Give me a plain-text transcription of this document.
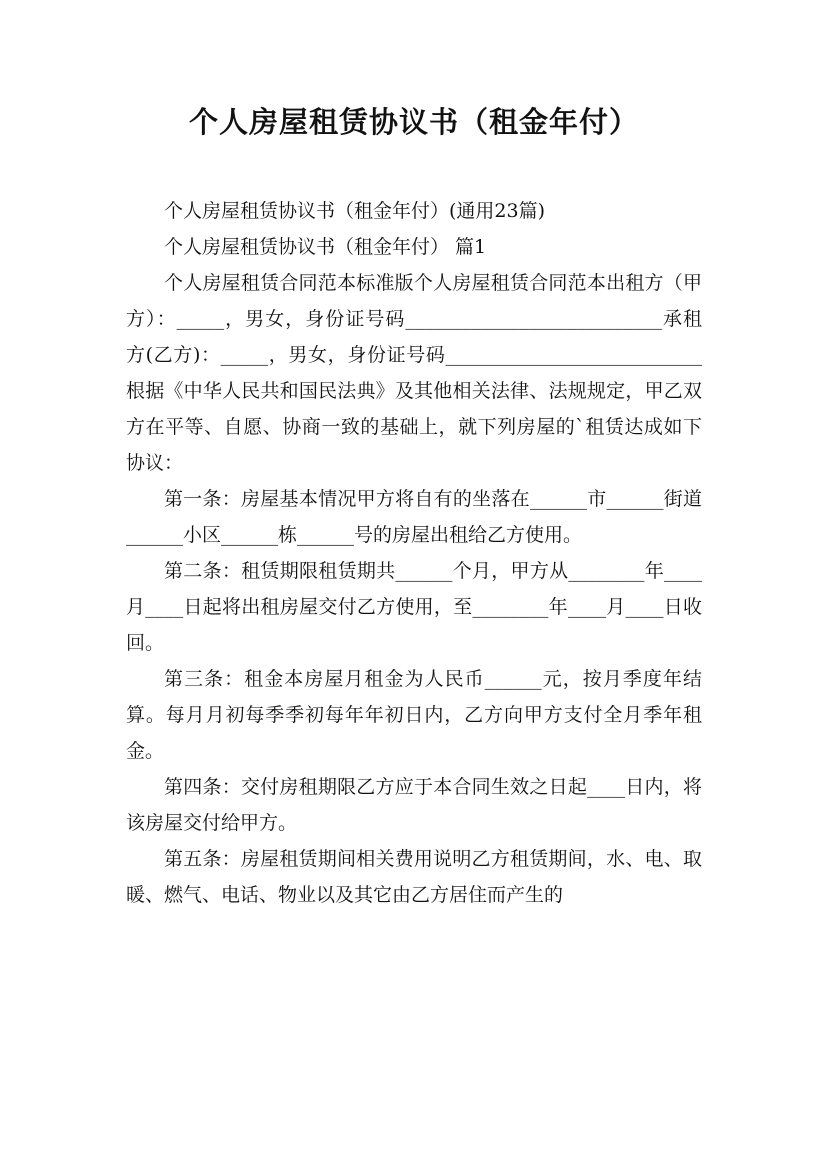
个人房屋租赁协议书（租金年付）

个人房屋租赁协议书（租金年付）(通用23篇)

个人房屋租赁协议书（租金年付） 篇1

个人房屋租赁合同范本标准版个人房屋租赁合同范本出租方（甲方）：_____，男女，身份证号码___________________________承租方(乙方)：_____，男女，身份证号码___________________________根据《中华人民共和国民法典》及其他相关法律、法规规定，甲乙双方在平等、自愿、协商一致的基础上，就下列房屋的`租赁达成如下协议：

第一条：房屋基本情况甲方将自有的坐落在______市______街道______小区______栋______号的房屋出租给乙方使用。

第二条：租赁期限租赁期共______个月，甲方从________年____月____日起将出租房屋交付乙方使用，至________年____月____日收回。

第三条：租金本房屋月租金为人民币______元，按月季度年结算。每月月初每季季初每年年初日内，乙方向甲方支付全月季年租金。

第四条：交付房租期限乙方应于本合同生效之日起____日内，将该房屋交付给甲方。

第五条：房屋租赁期间相关费用说明乙方租赁期间，水、电、取暖、燃气、电话、物业以及其它由乙方居住而产生的
